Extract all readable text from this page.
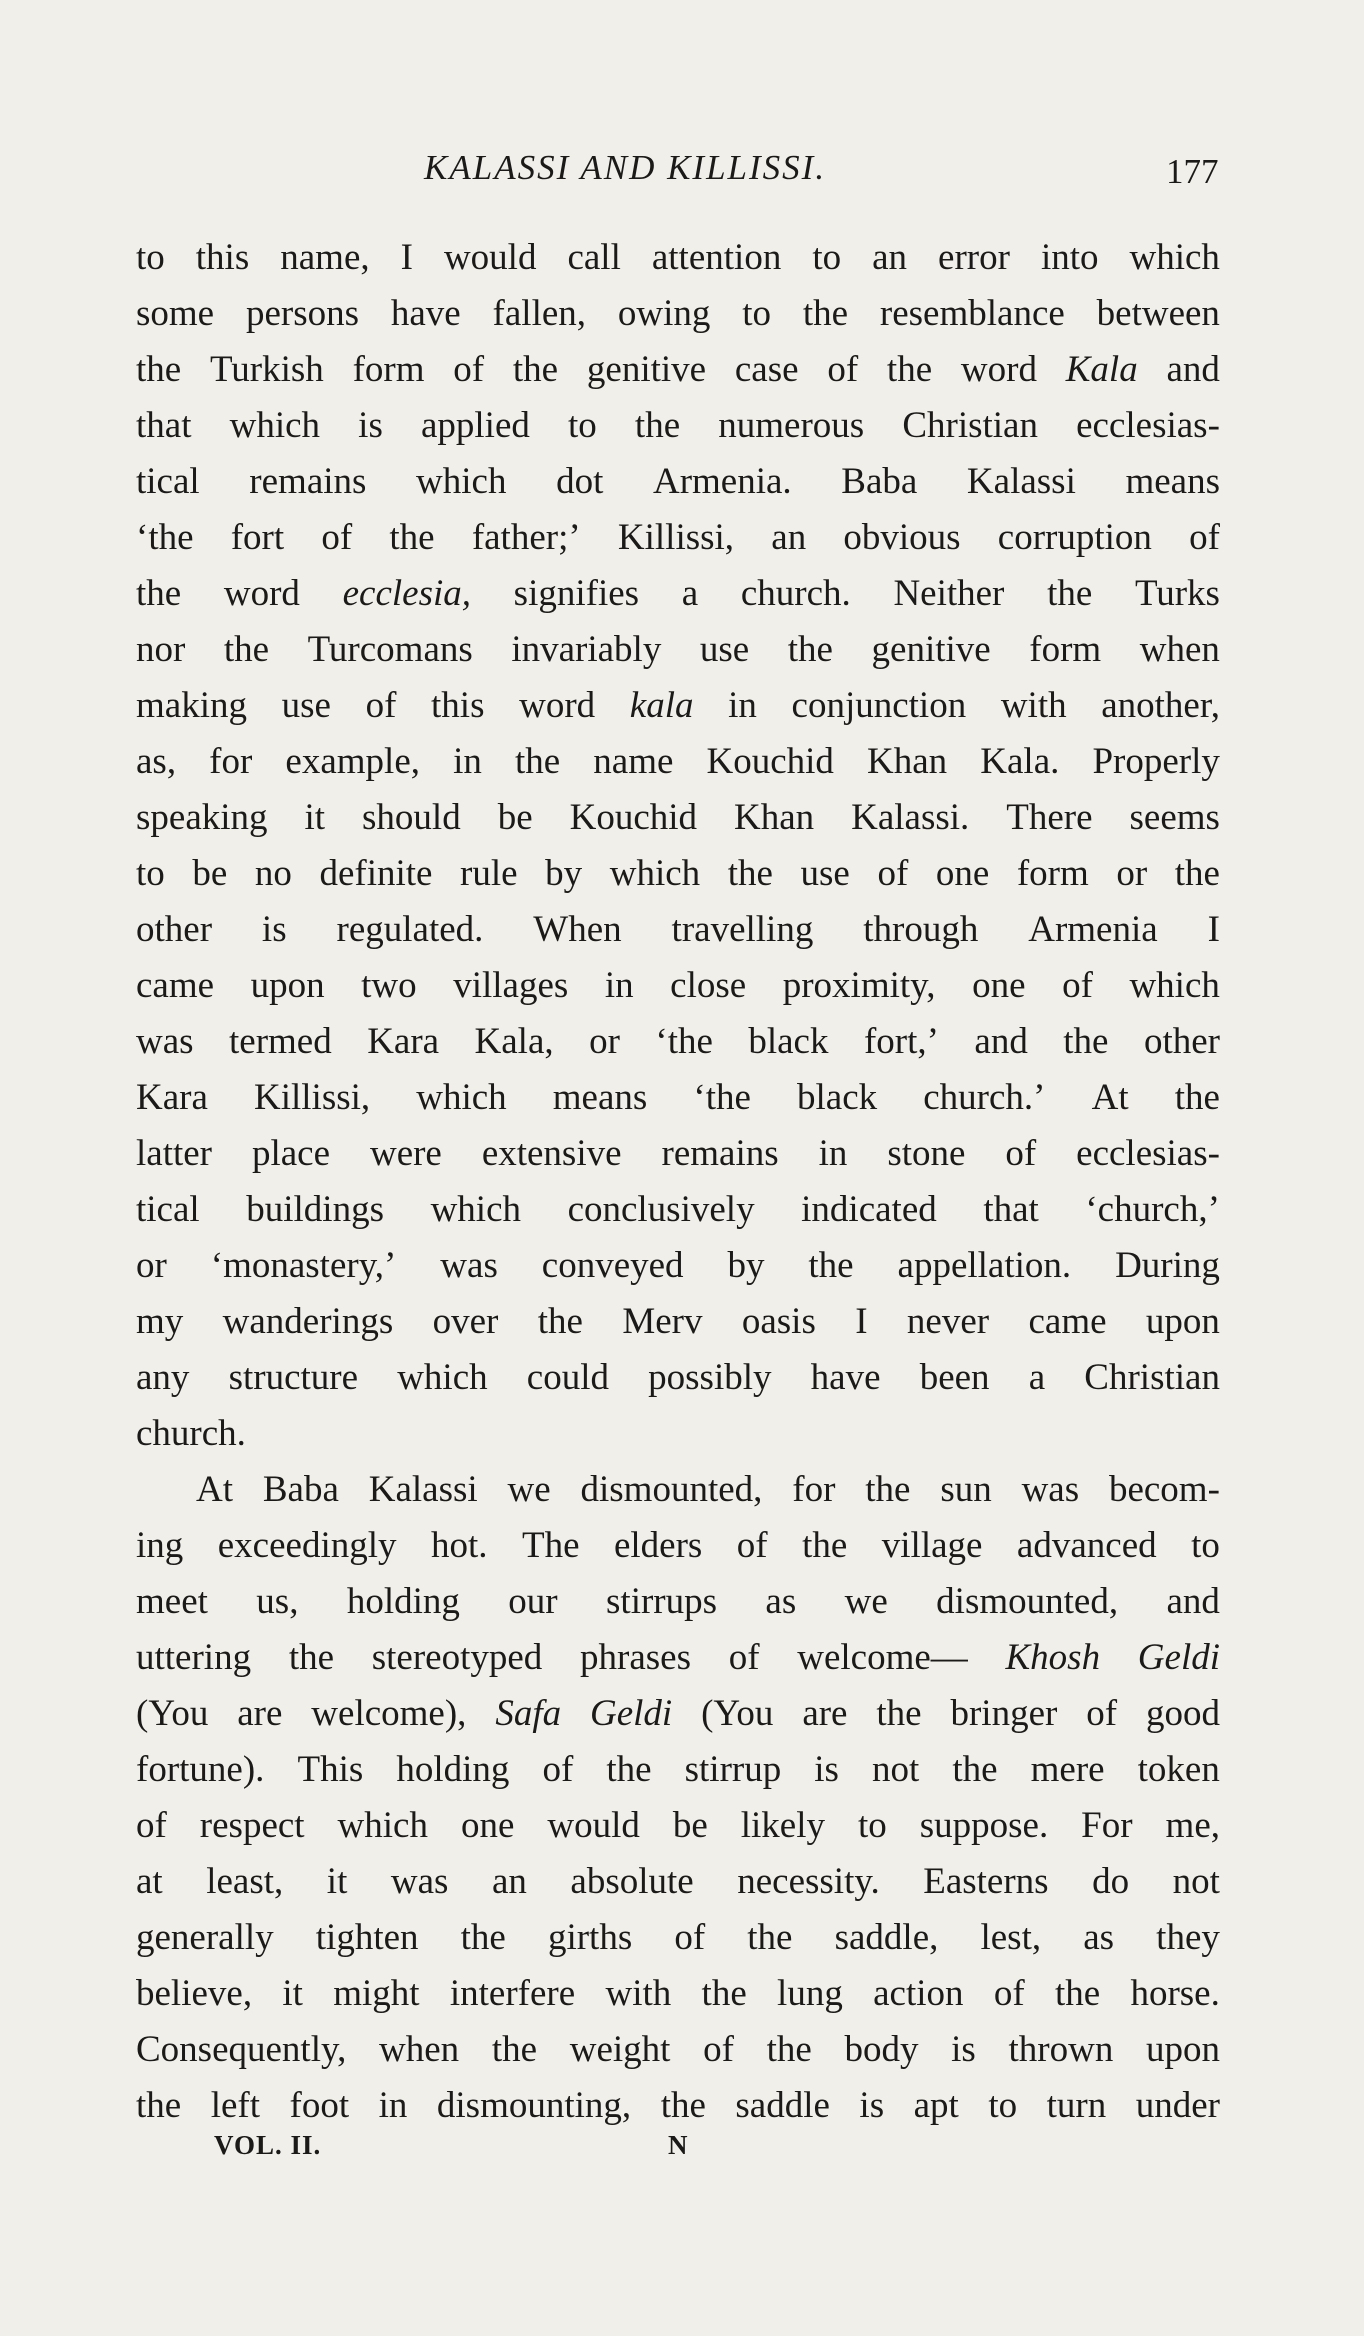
KALASSI AND KILLISSI.	177
to this name, I would call attention to an error into which
some persons have fallen, owing to the resemblance between
the Turkish form of the genitive case of the word Kala and
that which is applied to the numerous Christian ecclesias-
tical remains which dot Armenia. Baba Kalassi means
‘the fort of the father;’ Killissi, an obvious corruption of
the word ecclesia, signifies a church. Neither the Turks
nor the Turcomans invariably use the genitive form when
making use of this word kala in conjunction with another,
as, for example, in the name Kouchid Khan Kala. Properly
speaking it should be Kouchid Khan Kalassi. There seems
to be no definite rule by which the use of one form or the
other is regulated. When travelling through Armenia I
came upon two villages in close proximity, one of which
was termed Kara Kala, or ‘the black fort,’ and the other
Kara Killissi, which means ‘the black church.’ At the
latter place were extensive remains in stone of ecclesias-
tical buildings which conclusively indicated that ‘church,’
or ‘monastery,’ was conveyed by the appellation. During
my wanderings over the Merv oasis I never came upon
any structure which could possibly have been a Christian
church.
At Baba Kalassi we dismounted, for the sun was becom-
ing exceedingly hot. The elders of the village advanced to
meet us, holding our stirrups as we dismounted, and
uttering the stereotyped phrases of welcome— Khosh Geldi
(You are welcome), Safa Geldi (You are the bringer of good
fortune). This holding of the stirrup is not the mere token
of respect which one would be likely to suppose. For me,
at least, it was an absolute necessity. Easterns do not
generally tighten the girths of the saddle, lest, as they
believe, it might interfere with the lung action of the horse.
Consequently, when the weight of the body is thrown upon
the left foot in dismounting, the saddle is apt to turn under
VOL. II.	N
